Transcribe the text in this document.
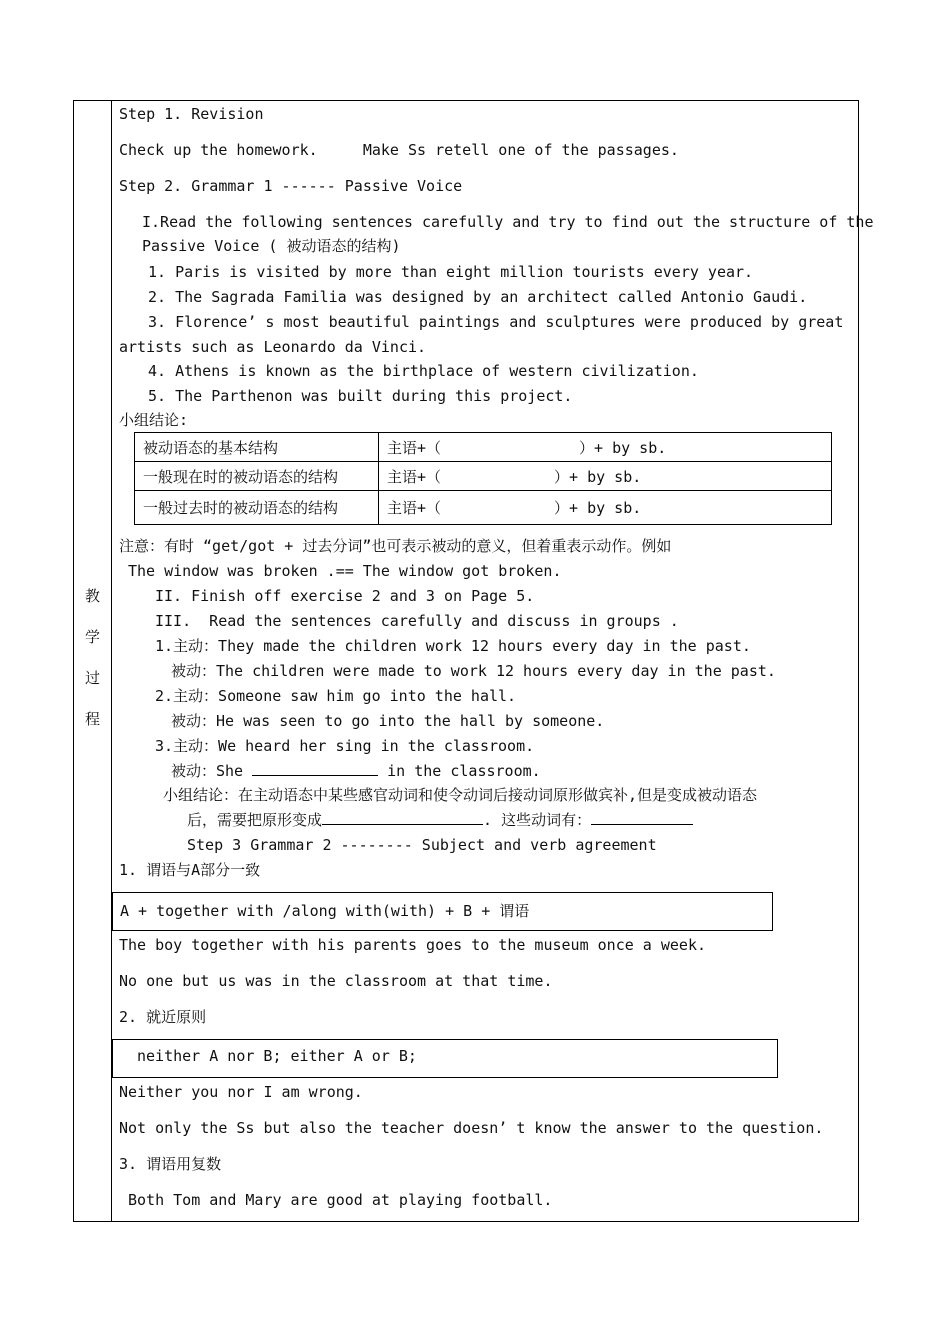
教
学
过
程
Step 1. Revision
Check up the homework.     Make Ss retell one of the passages.
Step 2. Grammar 1 ------ Passive Voice
I.Read the following sentences carefully and try to find out the structure of the
Passive Voice ( 被动语态的结构)
1. Paris is visited by more than eight million tourists every year.
2. The Sagrada Familia was designed by an architect called Antonio Gaudi.
3. Florence’ s most beautiful paintings and sculptures were produced by great
artists such as Leonardo da Vinci.
4. Athens is known as the birthplace of western civilization.
5. The Parthenon was built during this project.
小组结论:
被动语态的基本结构	主语+（ ）+ by sb.
一般现在时的被动语态的结构	主语+（ ）+ by sb.
一般过去时的被动语态的结构	主语+（ ）+ by sb.
注意：有时 “get/got + 过去分词”也可表示被动的意义，但着重表示动作。例如
The window was broken .== The window got broken.
II. Finish off exercise 2 and 3 on Page 5.
III.  Read the sentences carefully and discuss in groups .
1.主动：They made the children work 12 hours every day in the past.
被动：The children were made to work 12 hours every day in the past.
2.主动：Someone saw him go into the hall.
被动：He was seen to go into the hall by someone.
3.主动：We heard her sing in the classroom.
被动：She	in the classroom.
小组结论：在主动语态中某些感官动词和使令动词后接动词原形做宾补,但是变成被动语态
后，需要把原形变成	. 这些动词有：
Step 3 Grammar 2 -------- Subject and verb agreement
1. 谓语与A部分一致
A + together with /along with(with) + B + 谓语
The boy together with his parents goes to the museum once a week.
No one but us was in the classroom at that time.
2. 就近原则
neither A nor B; either A or B;
Neither you nor I am wrong.
Not only the Ss but also the teacher doesn’ t know the answer to the question.
3. 谓语用复数
Both Tom and Mary are good at playing football.
